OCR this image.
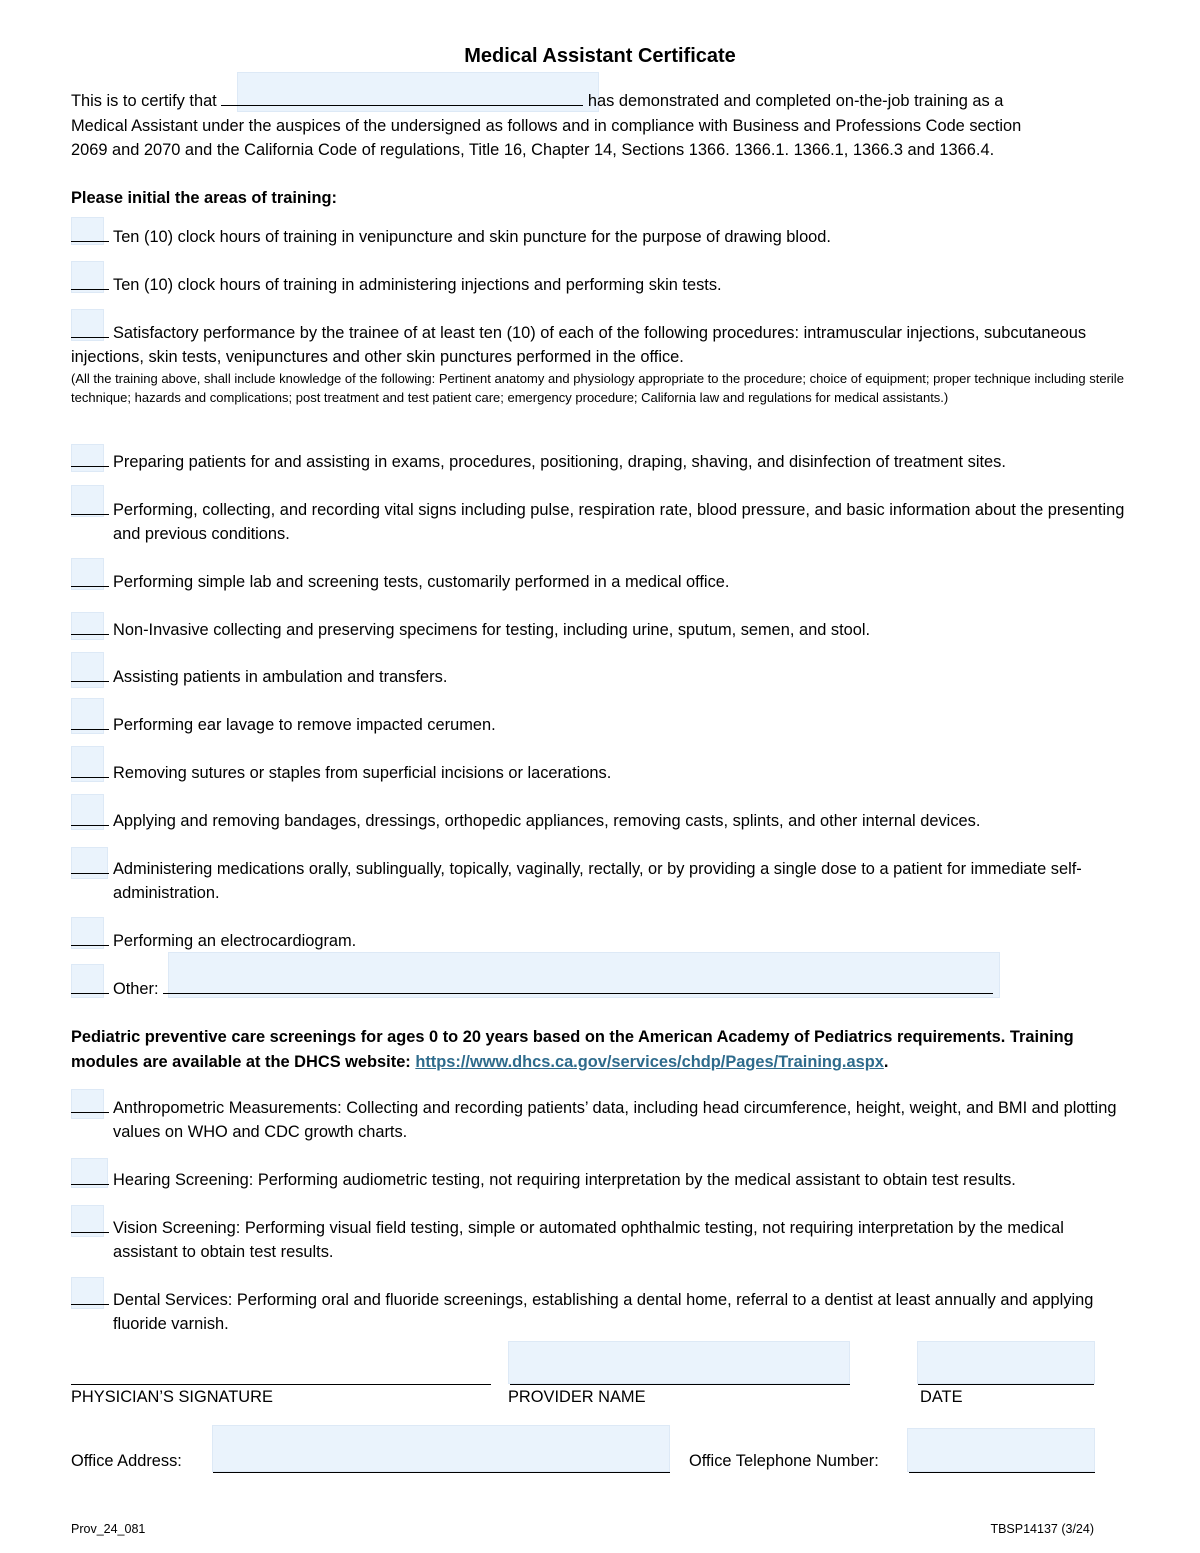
Medical Assistant Certificate
This is to certify that	has demonstrated and completed on-the-job training as a
Medical Assistant under the auspices of the undersigned as follows and in compliance with Business and Professions Code section
2069 and 2070 and the California Code of regulations, Title 16, Chapter 14, Sections 1366. 1366.1. 1366.1, 1366.3 and 1366.4.
Please initial the areas of training:
Ten (10) clock hours of training in venipuncture and skin puncture for the purpose of drawing blood.
Ten (10) clock hours of training in administering injections and performing skin tests.
Satisfactory performance by the trainee of at least ten (10) of each of the following procedures: intramuscular injections, subcutaneous injections, skin tests, venipunctures and other skin punctures performed in the office.
(All the training above, shall include knowledge of the following: Pertinent anatomy and physiology appropriate to the procedure; choice of equipment; proper technique including sterile technique; hazards and complications; post treatment and test patient care; emergency procedure; California law and regulations for medical assistants.)
Preparing patients for and assisting in exams, procedures, positioning, draping, shaving, and disinfection of treatment sites.
Performing, collecting, and recording vital signs including pulse, respiration rate, blood pressure, and basic information about the presenting and previous conditions.
Performing simple lab and screening tests, customarily performed in a medical office.
Non-Invasive collecting and preserving specimens for testing, including urine, sputum, semen, and stool.
Assisting patients in ambulation and transfers.
Performing ear lavage to remove impacted cerumen.
Removing sutures or staples from superficial incisions or lacerations.
Applying and removing bandages, dressings, orthopedic appliances, removing casts, splints, and other internal devices.
Administering medications orally, sublingually, topically, vaginally, rectally, or by providing a single dose to a patient for immediate self-administration.
Performing an electrocardiogram.
Other:
Pediatric preventive care screenings for ages 0 to 20 years based on the American Academy of Pediatrics requirements. Training
modules are available at the DHCS website: https://www.dhcs.ca.gov/services/chdp/Pages/Training.aspx.
Anthropometric Measurements: Collecting and recording patients’ data, including head circumference, height, weight, and BMI and plotting values on WHO and CDC growth charts.
Hearing Screening: Performing audiometric testing, not requiring interpretation by the medical assistant to obtain test results.
Vision Screening: Performing visual field testing, simple or automated ophthalmic testing, not requiring interpretation by the medical assistant to obtain test results.
Dental Services: Performing oral and fluoride screenings, establishing a dental home, referral to a dentist at least annually and applying fluoride varnish.
PHYSICIAN’S SIGNATURE	PROVIDER NAME	DATE
Office Address:	Office Telephone Number:
Prov_24_081	TBSP14137 (3/24)
